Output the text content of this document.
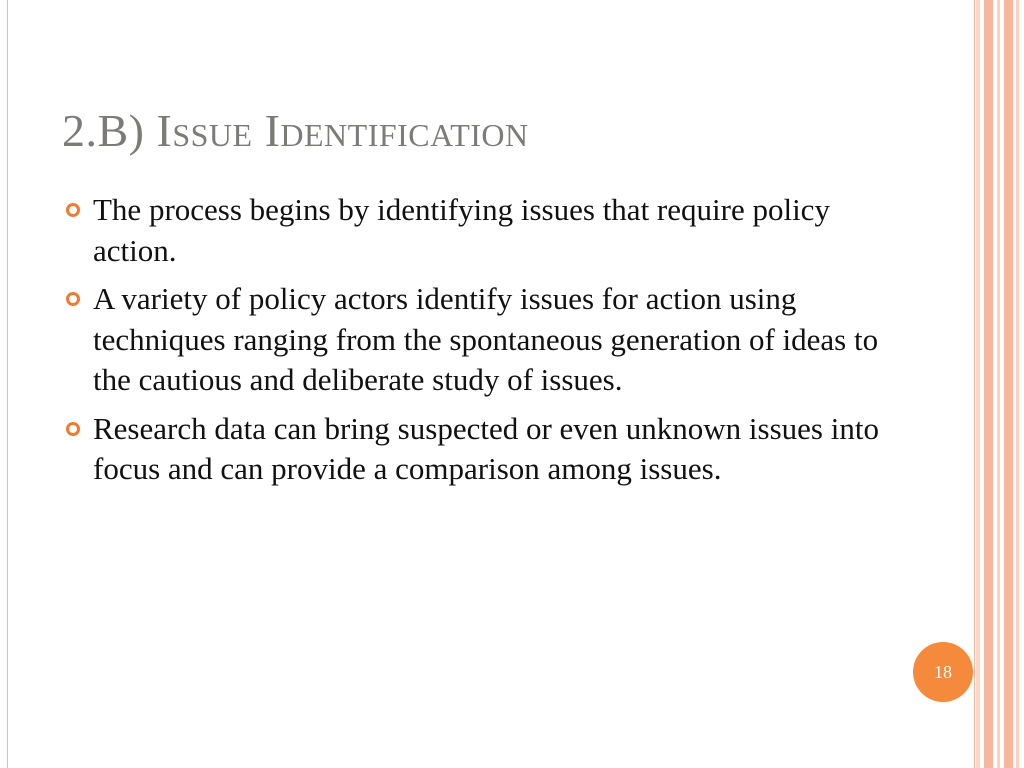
2.B) Issue Identification
The process begins by identifying issues that require policy action.
A variety of policy actors identify issues for action using techniques ranging from the spontaneous generation of ideas to the cautious and deliberate study of issues.
Research data can bring suspected or even unknown issues into focus and can provide a comparison among issues.
18
